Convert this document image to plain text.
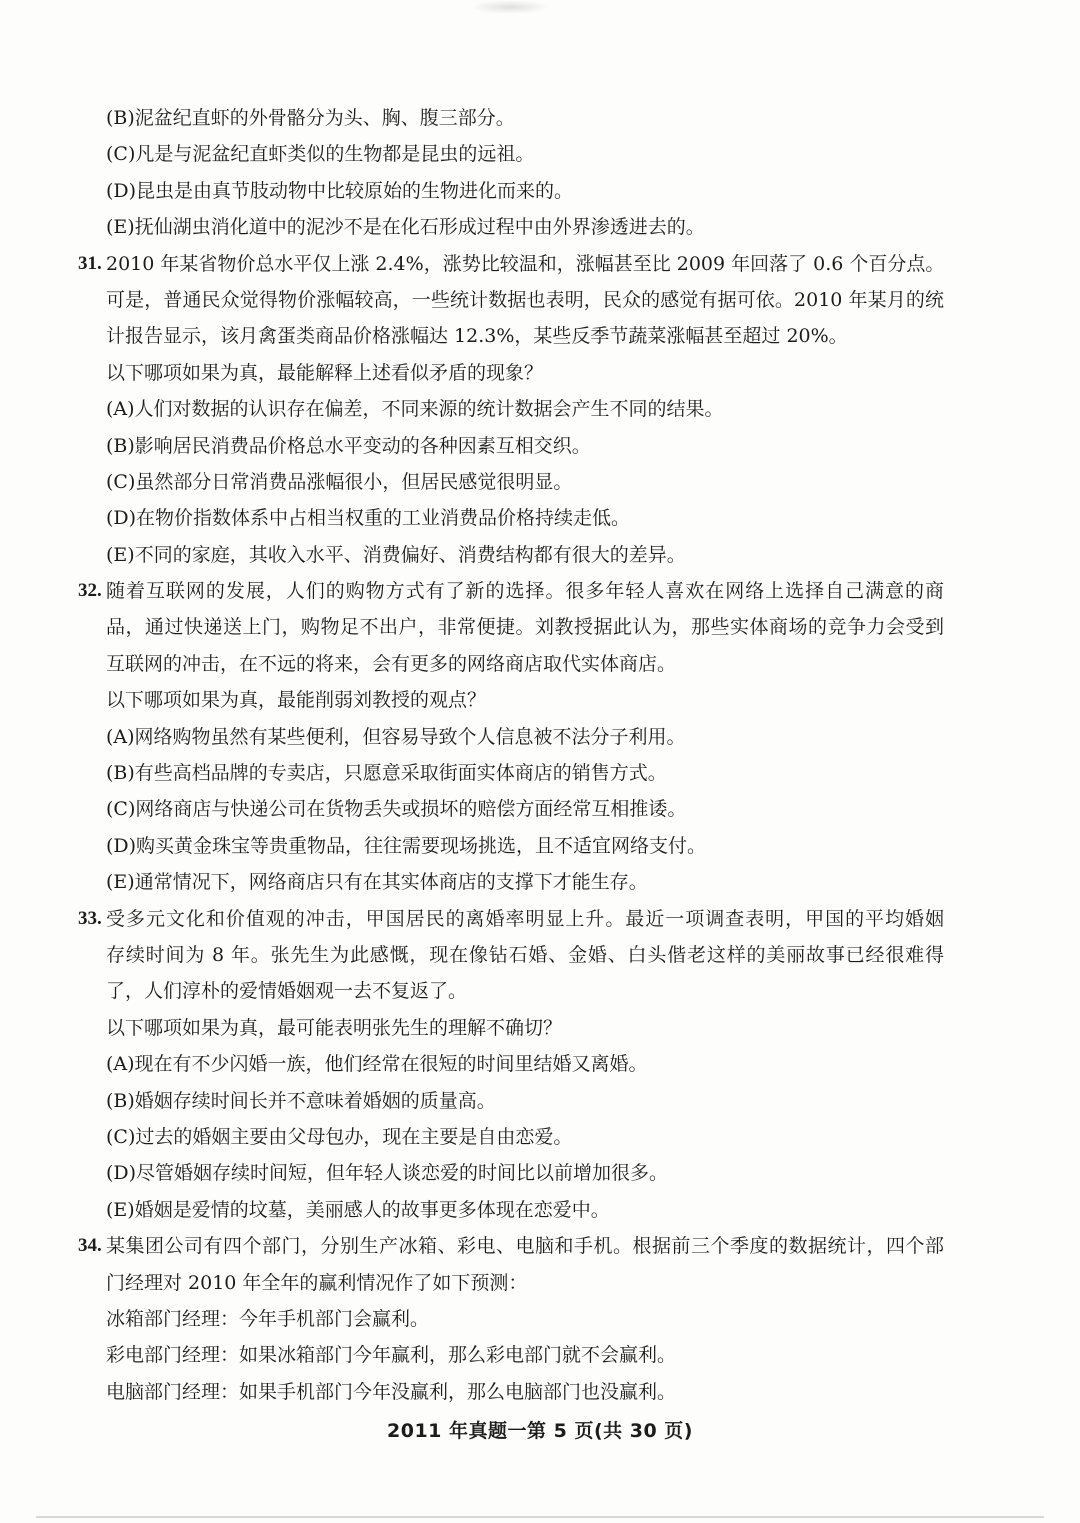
(B)泥盆纪直虾的外骨骼分为头、胸、腹三部分。
(C)凡是与泥盆纪直虾类似的生物都是昆虫的远祖。
(D)昆虫是由真节肢动物中比较原始的生物进化而来的。
(E)抚仙湖虫消化道中的泥沙不是在化石形成过程中由外界渗透进去的。
31. 2010 年某省物价总水平仅上涨 2.4%，涨势比较温和，涨幅甚至比 2009 年回落了 0.6 个百分点。
可是，普通民众觉得物价涨幅较高，一些统计数据也表明，民众的感觉有据可依。2010 年某月的统
计报告显示，该月禽蛋类商品价格涨幅达 12.3%，某些反季节蔬菜涨幅甚至超过 20%。
以下哪项如果为真，最能解释上述看似矛盾的现象？
(A)人们对数据的认识存在偏差，不同来源的统计数据会产生不同的结果。
(B)影响居民消费品价格总水平变动的各种因素互相交织。
(C)虽然部分日常消费品涨幅很小，但居民感觉很明显。
(D)在物价指数体系中占相当权重的工业消费品价格持续走低。
(E)不同的家庭，其收入水平、消费偏好、消费结构都有很大的差异。
32. 随着互联网的发展，人们的购物方式有了新的选择。很多年轻人喜欢在网络上选择自己满意的商
品，通过快递送上门，购物足不出户，非常便捷。刘教授据此认为，那些实体商场的竞争力会受到
互联网的冲击，在不远的将来，会有更多的网络商店取代实体商店。
以下哪项如果为真，最能削弱刘教授的观点？
(A)网络购物虽然有某些便利，但容易导致个人信息被不法分子利用。
(B)有些高档品牌的专卖店，只愿意采取街面实体商店的销售方式。
(C)网络商店与快递公司在货物丢失或损坏的赔偿方面经常互相推诿。
(D)购买黄金珠宝等贵重物品，往往需要现场挑选，且不适宜网络支付。
(E)通常情况下，网络商店只有在其实体商店的支撑下才能生存。
33. 受多元文化和价值观的冲击，甲国居民的离婚率明显上升。最近一项调查表明，甲国的平均婚姻
存续时间为 8 年。张先生为此感慨，现在像钻石婚、金婚、白头偕老这样的美丽故事已经很难得
了，人们淳朴的爱情婚姻观一去不复返了。
以下哪项如果为真，最可能表明张先生的理解不确切？
(A)现在有不少闪婚一族，他们经常在很短的时间里结婚又离婚。
(B)婚姻存续时间长并不意味着婚姻的质量高。
(C)过去的婚姻主要由父母包办，现在主要是自由恋爱。
(D)尽管婚姻存续时间短，但年轻人谈恋爱的时间比以前增加很多。
(E)婚姻是爱情的坟墓，美丽感人的故事更多体现在恋爱中。
34. 某集团公司有四个部门，分别生产冰箱、彩电、电脑和手机。根据前三个季度的数据统计，四个部
门经理对 2010 年全年的赢利情况作了如下预测：
冰箱部门经理：今年手机部门会赢利。
彩电部门经理：如果冰箱部门今年赢利，那么彩电部门就不会赢利。
电脑部门经理：如果手机部门今年没赢利，那么电脑部门也没赢利。
2011 年真题一第 5 页(共 30 页)
